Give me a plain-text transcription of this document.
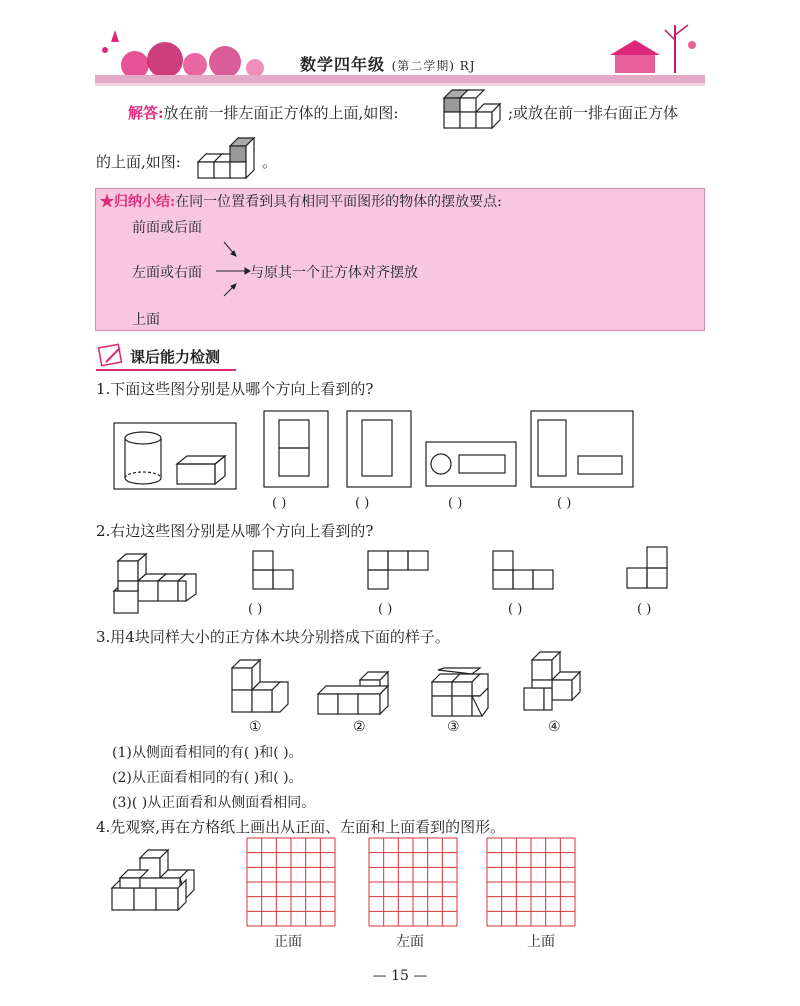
数学四年级 (第二学期) RJ
解答:放在前一排左面正方体的上面,如图:	;或放在前一排右面正方体
的上面,如图:	。
★归纳小结:在同一位置看到具有相同平面图形的物体的摆放要点:
前面或后面
左面或右面
上面
与原其一个正方体对齐摆放
课后能力检测
1.下面这些图分别是从哪个方向上看到的?
( )	( )	( )	( )
2.右边这些图分别是从哪个方向上看到的?
( )	( )	( )	( )
3.用4块同样大小的正方体木块分别搭成下面的样子。
①	②	③	④
(1)从侧面看相同的有( )和( )。
(2)从正面看相同的有( )和( )。
(3)( )从正面看和从侧面看相同。
4.先观察,再在方格纸上画出从正面、左面和上面看到的图形。
正面	左面	上面
— 15 —
